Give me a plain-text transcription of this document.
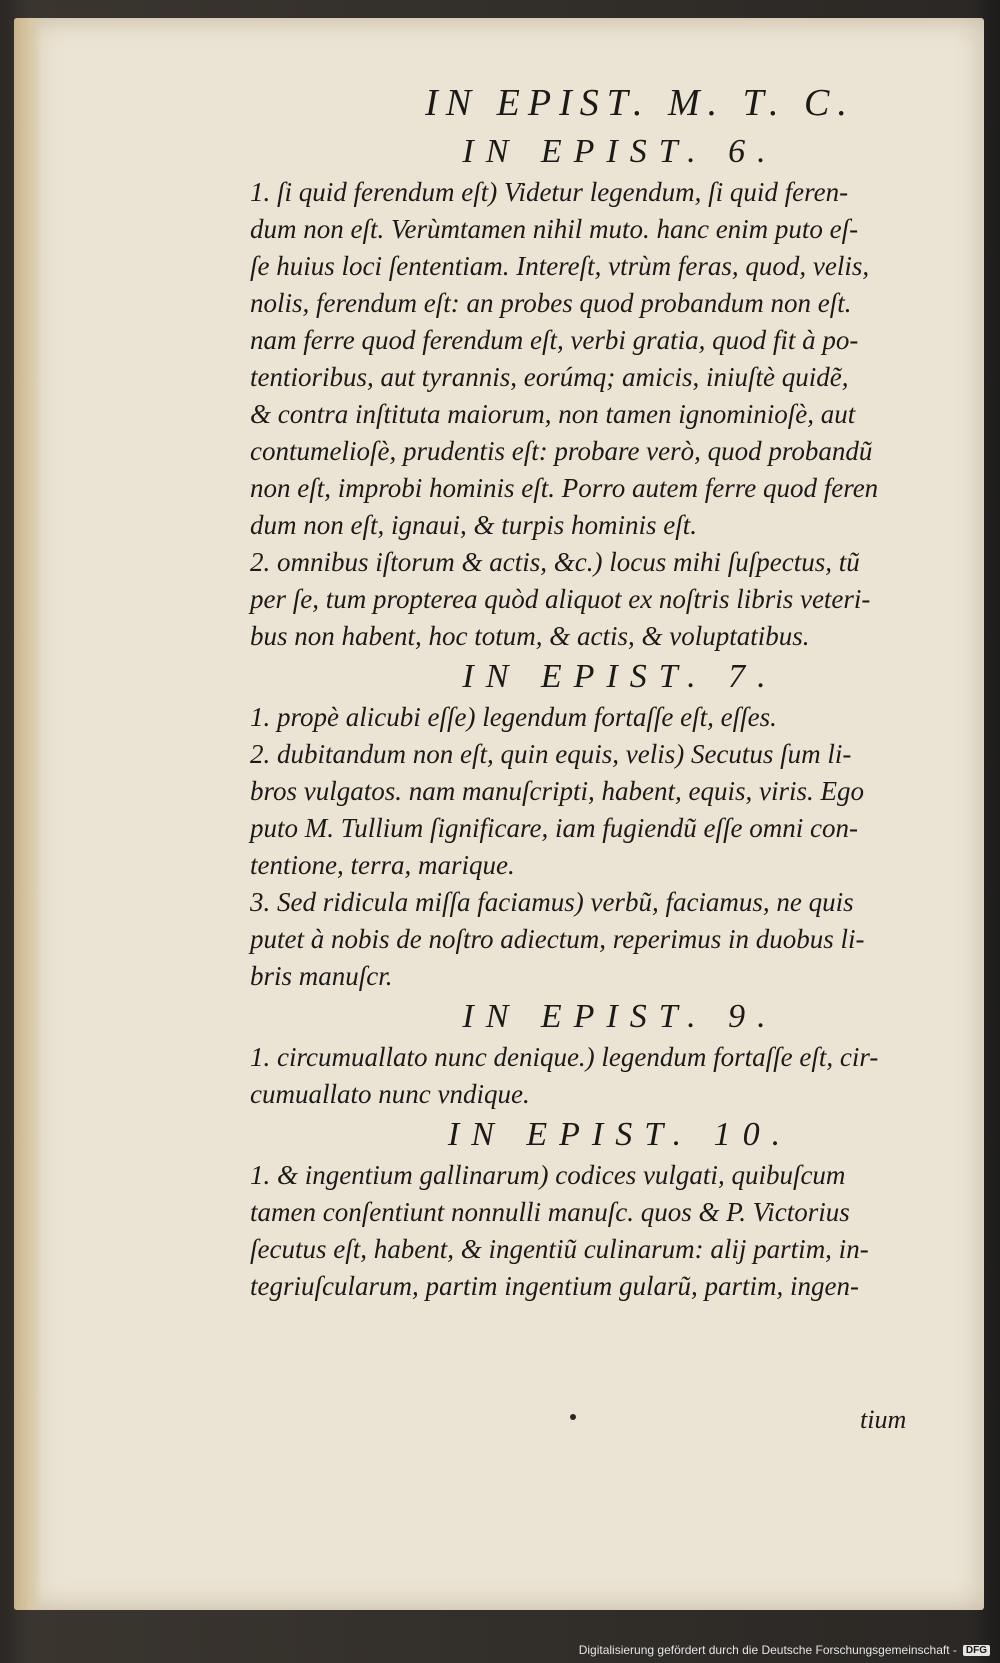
IN EPIST. M. T. C.
IN EPIST. 6.
1. ſi quid ferendum eſt) Videtur legendum, ſi quid feren-
dum non eſt. Verùmtamen nihil muto. hanc enim puto eſ-
ſe huius loci ſententiam. Intereſt, vtrùm feras, quod, velis,
nolis, ferendum eſt: an probes quod probandum non eſt.
nam ferre quod ferendum eſt, verbi gratia, quod fit à po-
tentioribus, aut tyrannis, eorúmq; amicis, iniuſtè quidẽ,
& contra inſtituta maiorum, non tamen ignominioſè, aut
contumelioſè, prudentis eſt: probare verò, quod probandũ
non eſt, improbi hominis eſt. Porro autem ferre quod feren
dum non eſt, ignaui, & turpis hominis eſt.
2. omnibus iſtorum & actis, &c.) locus mihi ſuſpectus, tũ
per ſe, tum propterea quòd aliquot ex noſtris libris veteri-
bus non habent, hoc totum, & actis, & voluptatibus.
IN EPIST. 7.
1. propè alicubi eſſe) legendum fortaſſe eſt, eſſes.
2. dubitandum non eſt, quin equis, velis) Secutus ſum li-
bros vulgatos. nam manuſcripti, habent, equis, viris. Ego
puto M. Tullium ſignificare, iam fugiendũ eſſe omni con-
tentione, terra, marique.
3. Sed ridicula miſſa faciamus) verbũ, faciamus, ne quis
putet à nobis de noſtro adiectum, reperimus in duobus li-
bris manuſcr.
IN EPIST. 9.
1. circumuallato nunc denique.) legendum fortaſſe eſt, cir-
cumuallato nunc vndique.
IN EPIST. 10.
1. & ingentium gallinarum) codices vulgati, quibuſcum
tamen conſentiunt nonnulli manuſc. quos & P. Victorius
ſecutus eſt, habent, & ingentiũ culinarum: alij partim, in-
tegriuſcularum, partim ingentium gularũ, partim, ingen-
tium
Digitalisierung gefördert durch die Deutsche Forschungsgemeinschaft - DFG
